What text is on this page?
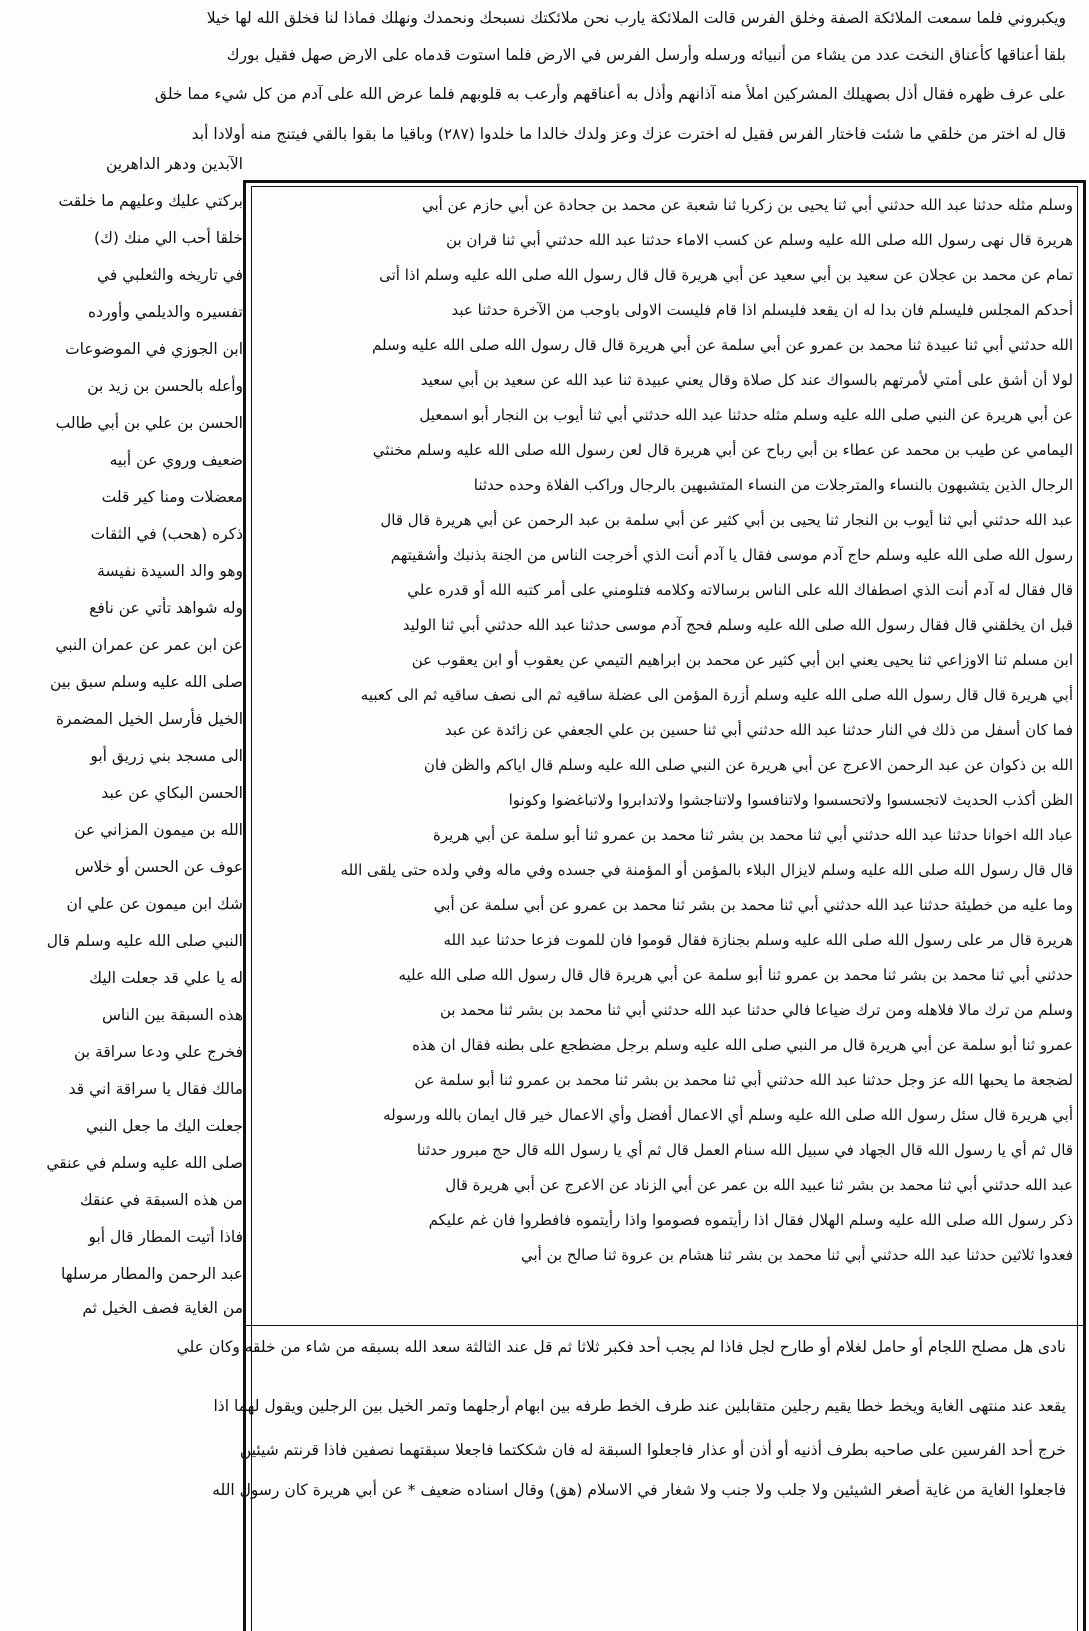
ويكبروني فلما سمعت الملائكة الصفة وخلق الفرس قالت الملائكة يارب نحن ملائكتك نسبحك ونحمدك ونهلك فماذا لنا فخلق الله لها خيلا
بلقا أعناقها كأعناق النخت عدد من يشاء من أنبيائه ورسله وأرسل الفرس في الارض فلما استوت قدماه على الارض صهل فقيل بورك
على عرف ظهره فقال أذل بصهيلك المشركين املأ منه آذانهم وأذل به أعناقهم وأرعب به قلوبهم فلما عرض الله على آدم من كل شيء مما خلق
قال له اختر من خلقي ما شئت فاختار الفرس فقيل له اخترت عزك وعز ولدك خالدا ما خلدوا (٢٨٧) وباقيا ما بقوا بالقي فيتنج منه أولادا أبد
الآبدين ودهر الداهرين
بركتي عليك وعليهم ما خلقت
خلقا أحب الي منك (ك)
في تاريخه والثعلبي في
تفسيره والديلمي وأورده
ابن الجوزي في الموضوعات
وأعله بالحسن بن زيد بن
الحسن بن علي بن أبي طالب
ضعيف وروي عن أبيه
معضلات ومنا كير قلت
ذكره (هحب) في الثقات
وهو والد السيدة نفيسة
وله شواهد تأتي عن نافع
عن ابن عمر عن عمران النبي
صلى الله عليه وسلم سبق بين
الخيل فأرسل الخيل المضمرة
الى مسجد بني زريق أبو
الحسن البكاي عن عبد
الله بن ميمون المزاني عن
عوف عن الحسن أو خلاس
شك ابن ميمون عن علي ان
النبي صلى الله عليه وسلم قال
له يا علي قد جعلت اليك
هذه السبقة بين الناس
فخرج علي ودعا سراقة بن
مالك فقال يا سراقة اني قد
جعلت اليك ما جعل النبي
صلى الله عليه وسلم في عنقي
من هذه السبقة في عنقك
فاذا أتيت المطار قال أبو
عبد الرحمن والمطار مرسلها
من الغاية فصف الخيل ثم
وسلم مثله حدثنا عبد الله حدثني أبي ثنا يحيى بن زكريا ثنا شعبة عن محمد بن جحادة عن أبي حازم عن أبي
هريرة قال نهى رسول الله صلى الله عليه وسلم عن كسب الاماء حدثنا عبد الله حدثني أبي ثنا قران بن
تمام عن محمد بن عجلان عن سعيد بن أبي سعيد عن أبي هريرة قال قال رسول الله صلى الله عليه وسلم اذا أتى
أحدكم المجلس فليسلم فان بدا له ان يقعد فليسلم اذا قام فليست الاولى باوجب من الآخرة حدثنا عبد
الله حدثني أبي ثنا عبيدة ثنا محمد بن عمرو عن أبي سلمة عن أبي هريرة قال قال رسول الله صلى الله عليه وسلم
لولا أن أشق على أمتي لأمرتهم بالسواك عند كل صلاة وقال يعني عبيدة ثنا عبد الله عن سعيد بن أبي سعيد
عن أبي هريرة عن النبي صلى الله عليه وسلم مثله حدثنا عبد الله حدثني أبي ثنا أيوب بن النجار أبو اسمعيل
اليمامي عن طيب بن محمد عن عطاء بن أبي رباح عن أبي هريرة قال لعن رسول الله صلى الله عليه وسلم مخنثي
الرجال الذين يتشبهون بالنساء والمترجلات من النساء المتشبهين بالرجال وراكب الفلاة وحده حدثنا
عبد الله حدثني أبي ثنا أيوب بن النجار ثنا يحيى بن أبي كثير عن أبي سلمة بن عبد الرحمن عن أبي هريرة قال قال
رسول الله صلى الله عليه وسلم حاج آدم موسى فقال يا آدم أنت الذي أخرجت الناس من الجنة بذنبك وأشقيتهم
قال فقال له آدم أنت الذي اصطفاك الله على الناس برسالاته وكلامه فتلومني على أمر كتبه الله أو قدره علي
قبل ان يخلقني قال فقال رسول الله صلى الله عليه وسلم فحج آدم موسى حدثنا عبد الله حدثني أبي ثنا الوليد
ابن مسلم ثنا الاوزاعي ثنا يحيى يعني ابن أبي كثير عن محمد بن ابراهيم التيمي عن يعقوب أو ابن يعقوب عن
أبي هريرة قال قال رسول الله صلى الله عليه وسلم أزرة المؤمن الى عضلة ساقيه ثم الى نصف ساقيه ثم الى كعبيه
فما كان أسفل من ذلك في النار حدثنا عبد الله حدثني أبي ثنا حسين بن علي الجعفي عن زائدة عن عبد
الله بن ذكوان عن عبد الرحمن الاعرج عن أبي هريرة عن النبي صلى الله عليه وسلم قال اياكم والظن فان
الظن أكذب الحديث لاتجسسوا ولاتحسسوا ولاتنافسوا ولاتناجشوا ولاتدابروا ولاتباغضوا وكونوا
عباد الله اخوانا حدثنا عبد الله حدثني أبي ثنا محمد بن بشر ثنا محمد بن عمرو ثنا أبو سلمة عن أبي هريرة
قال قال رسول الله صلى الله عليه وسلم لايزال البلاء بالمؤمن أو المؤمنة في جسده وفي ماله وفي ولده حتى يلقى الله
وما عليه من خطيئة حدثنا عبد الله حدثني أبي ثنا محمد بن بشر ثنا محمد بن عمرو عن أبي سلمة عن أبي
هريرة قال مر على رسول الله صلى الله عليه وسلم بجنازة فقال قوموا فان للموت فزعا حدثنا عبد الله
حدثني أبي ثنا محمد بن بشر ثنا محمد بن عمرو ثنا أبو سلمة عن أبي هريرة قال قال رسول الله صلى الله عليه
وسلم من ترك مالا فلاهله ومن ترك ضياعا فالي حدثنا عبد الله حدثني أبي ثنا محمد بن بشر ثنا محمد بن
عمرو ثنا أبو سلمة عن أبي هريرة قال مر النبي صلى الله عليه وسلم برجل مضطجع على بطنه فقال ان هذه
لضجعة ما يحبها الله عز وجل حدثنا عبد الله حدثني أبي ثنا محمد بن بشر ثنا محمد بن عمرو ثنا أبو سلمة عن
أبي هريرة قال سئل رسول الله صلى الله عليه وسلم أي الاعمال أفضل وأي الاعمال خير قال ايمان بالله ورسوله
قال ثم أي يا رسول الله قال الجهاد في سبيل الله سنام العمل قال ثم أي يا رسول الله قال حج مبرور حدثنا
عبد الله حدثني أبي ثنا محمد بن بشر ثنا عبيد الله بن عمر عن أبي الزناد عن الاعرج عن أبي هريرة قال
ذكر رسول الله صلى الله عليه وسلم الهلال فقال اذا رأيتموه فصوموا واذا رأيتموه فافطروا فان غم عليكم
فعدوا ثلاثين حدثنا عبد الله حدثني أبي ثنا محمد بن بشر ثنا هشام بن عروة ثنا صالح بن أبي
نادى هل مصلح اللجام أو حامل لغلام أو طارح لجل فاذا لم يجب أحد فكبر ثلاثا ثم قل عند الثالثة سعد الله بسبقه من شاء من خلقه وكان علي
يقعد عند منتهى الغاية ويخط خطا يقيم رجلين متقابلين عند طرف الخط طرفه بين ابهام أرجلهما وتمر الخيل بين الرجلين ويقول لهما اذا
خرج أحد الفرسين على صاحبه بطرف أذنيه أو أذن أو عذار فاجعلوا السبقة له فان شككتما فاجعلا سبقتهما نصفين فاذا قرنتم شيئين
فاجعلوا الغاية من غاية أصغر الشيئين ولا جلب ولا جنب ولا شغار في الاسلام (هق) وقال اسناده ضعيف * عن أبي هريرة كان رسول الله
